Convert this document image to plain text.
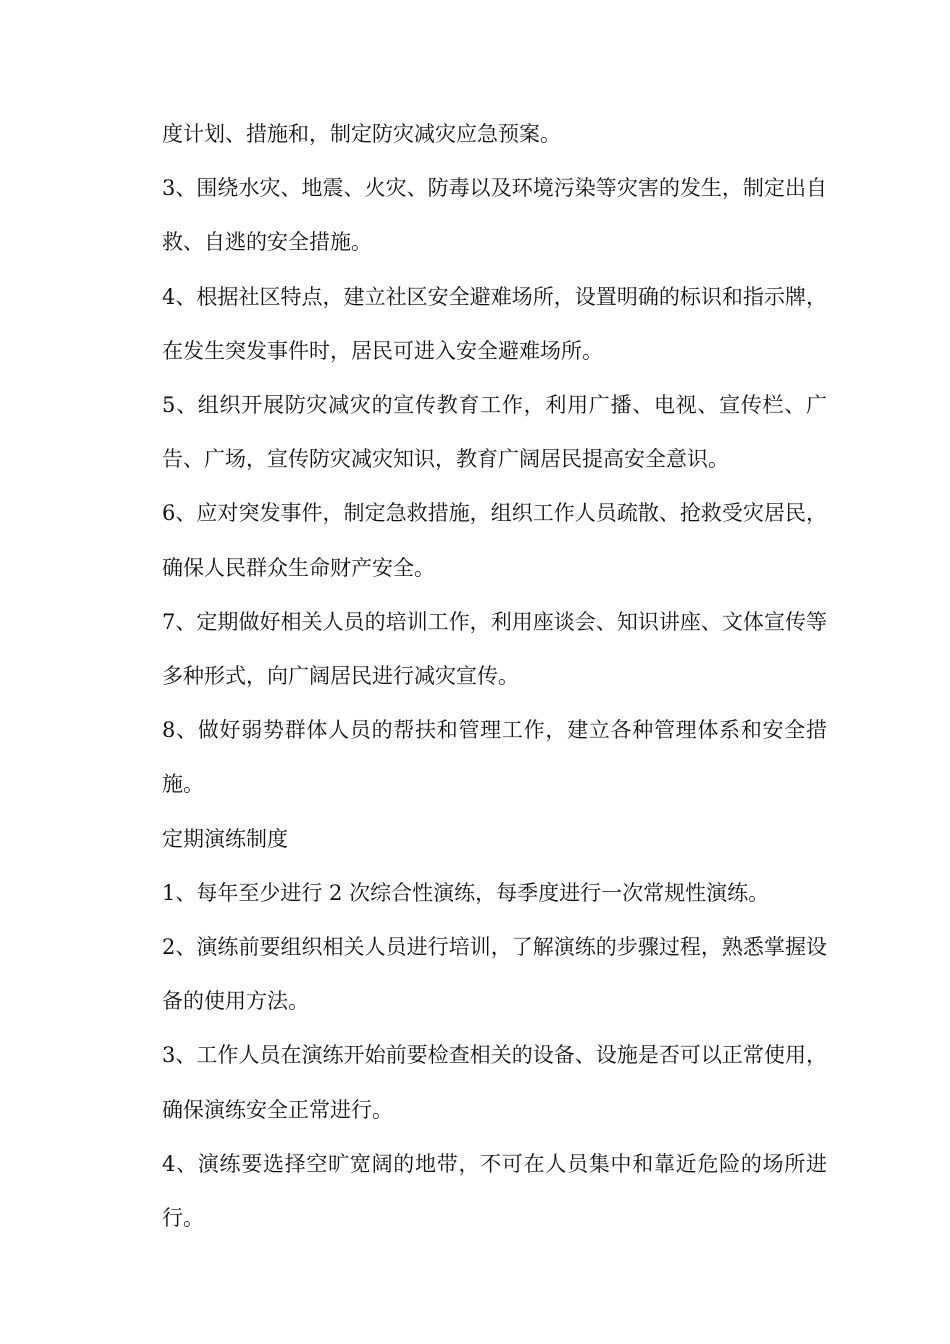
度计划、措施和，制定防灾减灾应急预案。

3、围绕水灾、地震、火灾、防毒以及环境污染等灾害的发生，制定出自救、自逃的安全措施。

4、根据社区特点，建立社区安全避难场所，设置明确的标识和指示牌，在发生突发事件时，居民可进入安全避难场所。

5、组织开展防灾减灾的宣传教育工作，利用广播、电视、宣传栏、广告、广场，宣传防灾减灾知识，教育广阔居民提高安全意识。

6、应对突发事件，制定急救措施，组织工作人员疏散、抢救受灾居民，确保人民群众生命财产安全。

7、定期做好相关人员的培训工作，利用座谈会、知识讲座、文体宣传等多种形式，向广阔居民进行减灾宣传。

8、做好弱势群体人员的帮扶和管理工作，建立各种管理体系和安全措施。

定期演练制度

1、每年至少进行 2 次综合性演练，每季度进行一次常规性演练。

2、演练前要组织相关人员进行培训，了解演练的步骤过程，熟悉掌握设备的使用方法。

3、工作人员在演练开始前要检查相关的设备、设施是否可以正常使用，确保演练安全正常进行。

4、演练要选择空旷宽阔的地带，不可在人员集中和靠近危险的场所进行。
